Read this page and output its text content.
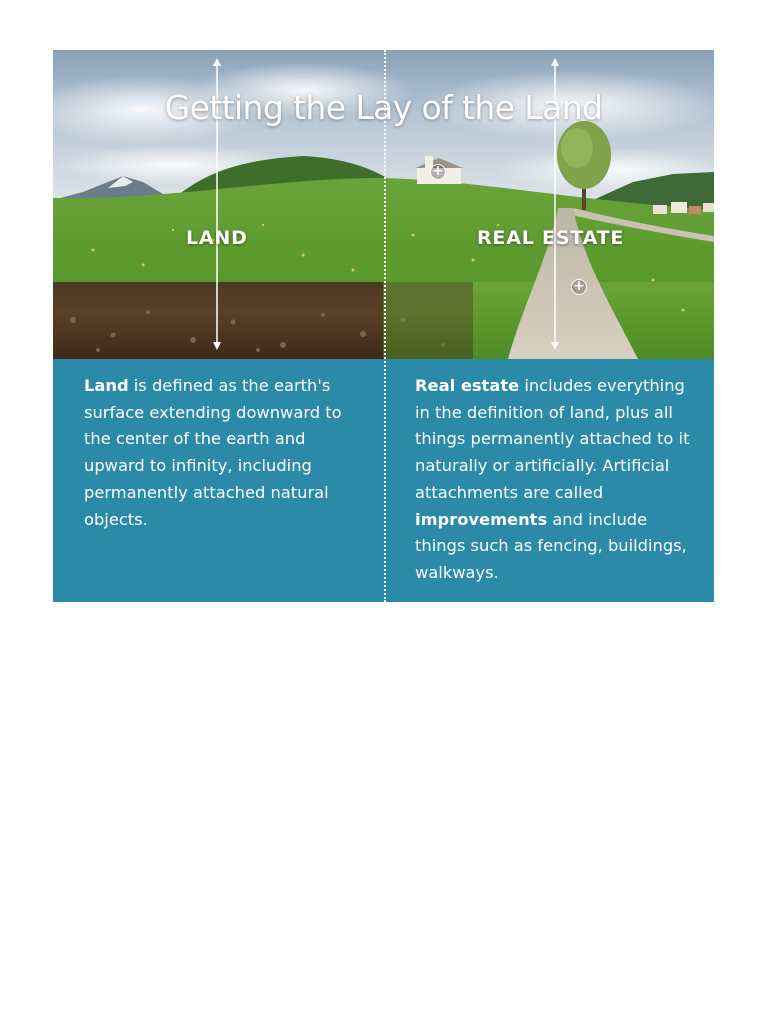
Getting the Lay of the Land
LAND	REAL ESTATE
+
+
Land is defined as the earth's surface extending downward to the center of the earth and upward to infinity, including permanently attached natural objects.
Real estate includes everything in the definition of land, plus all things permanently attached to it naturally or artificially. Artificial attachments are called improvements and include things such as fencing, buildings, walkways.
